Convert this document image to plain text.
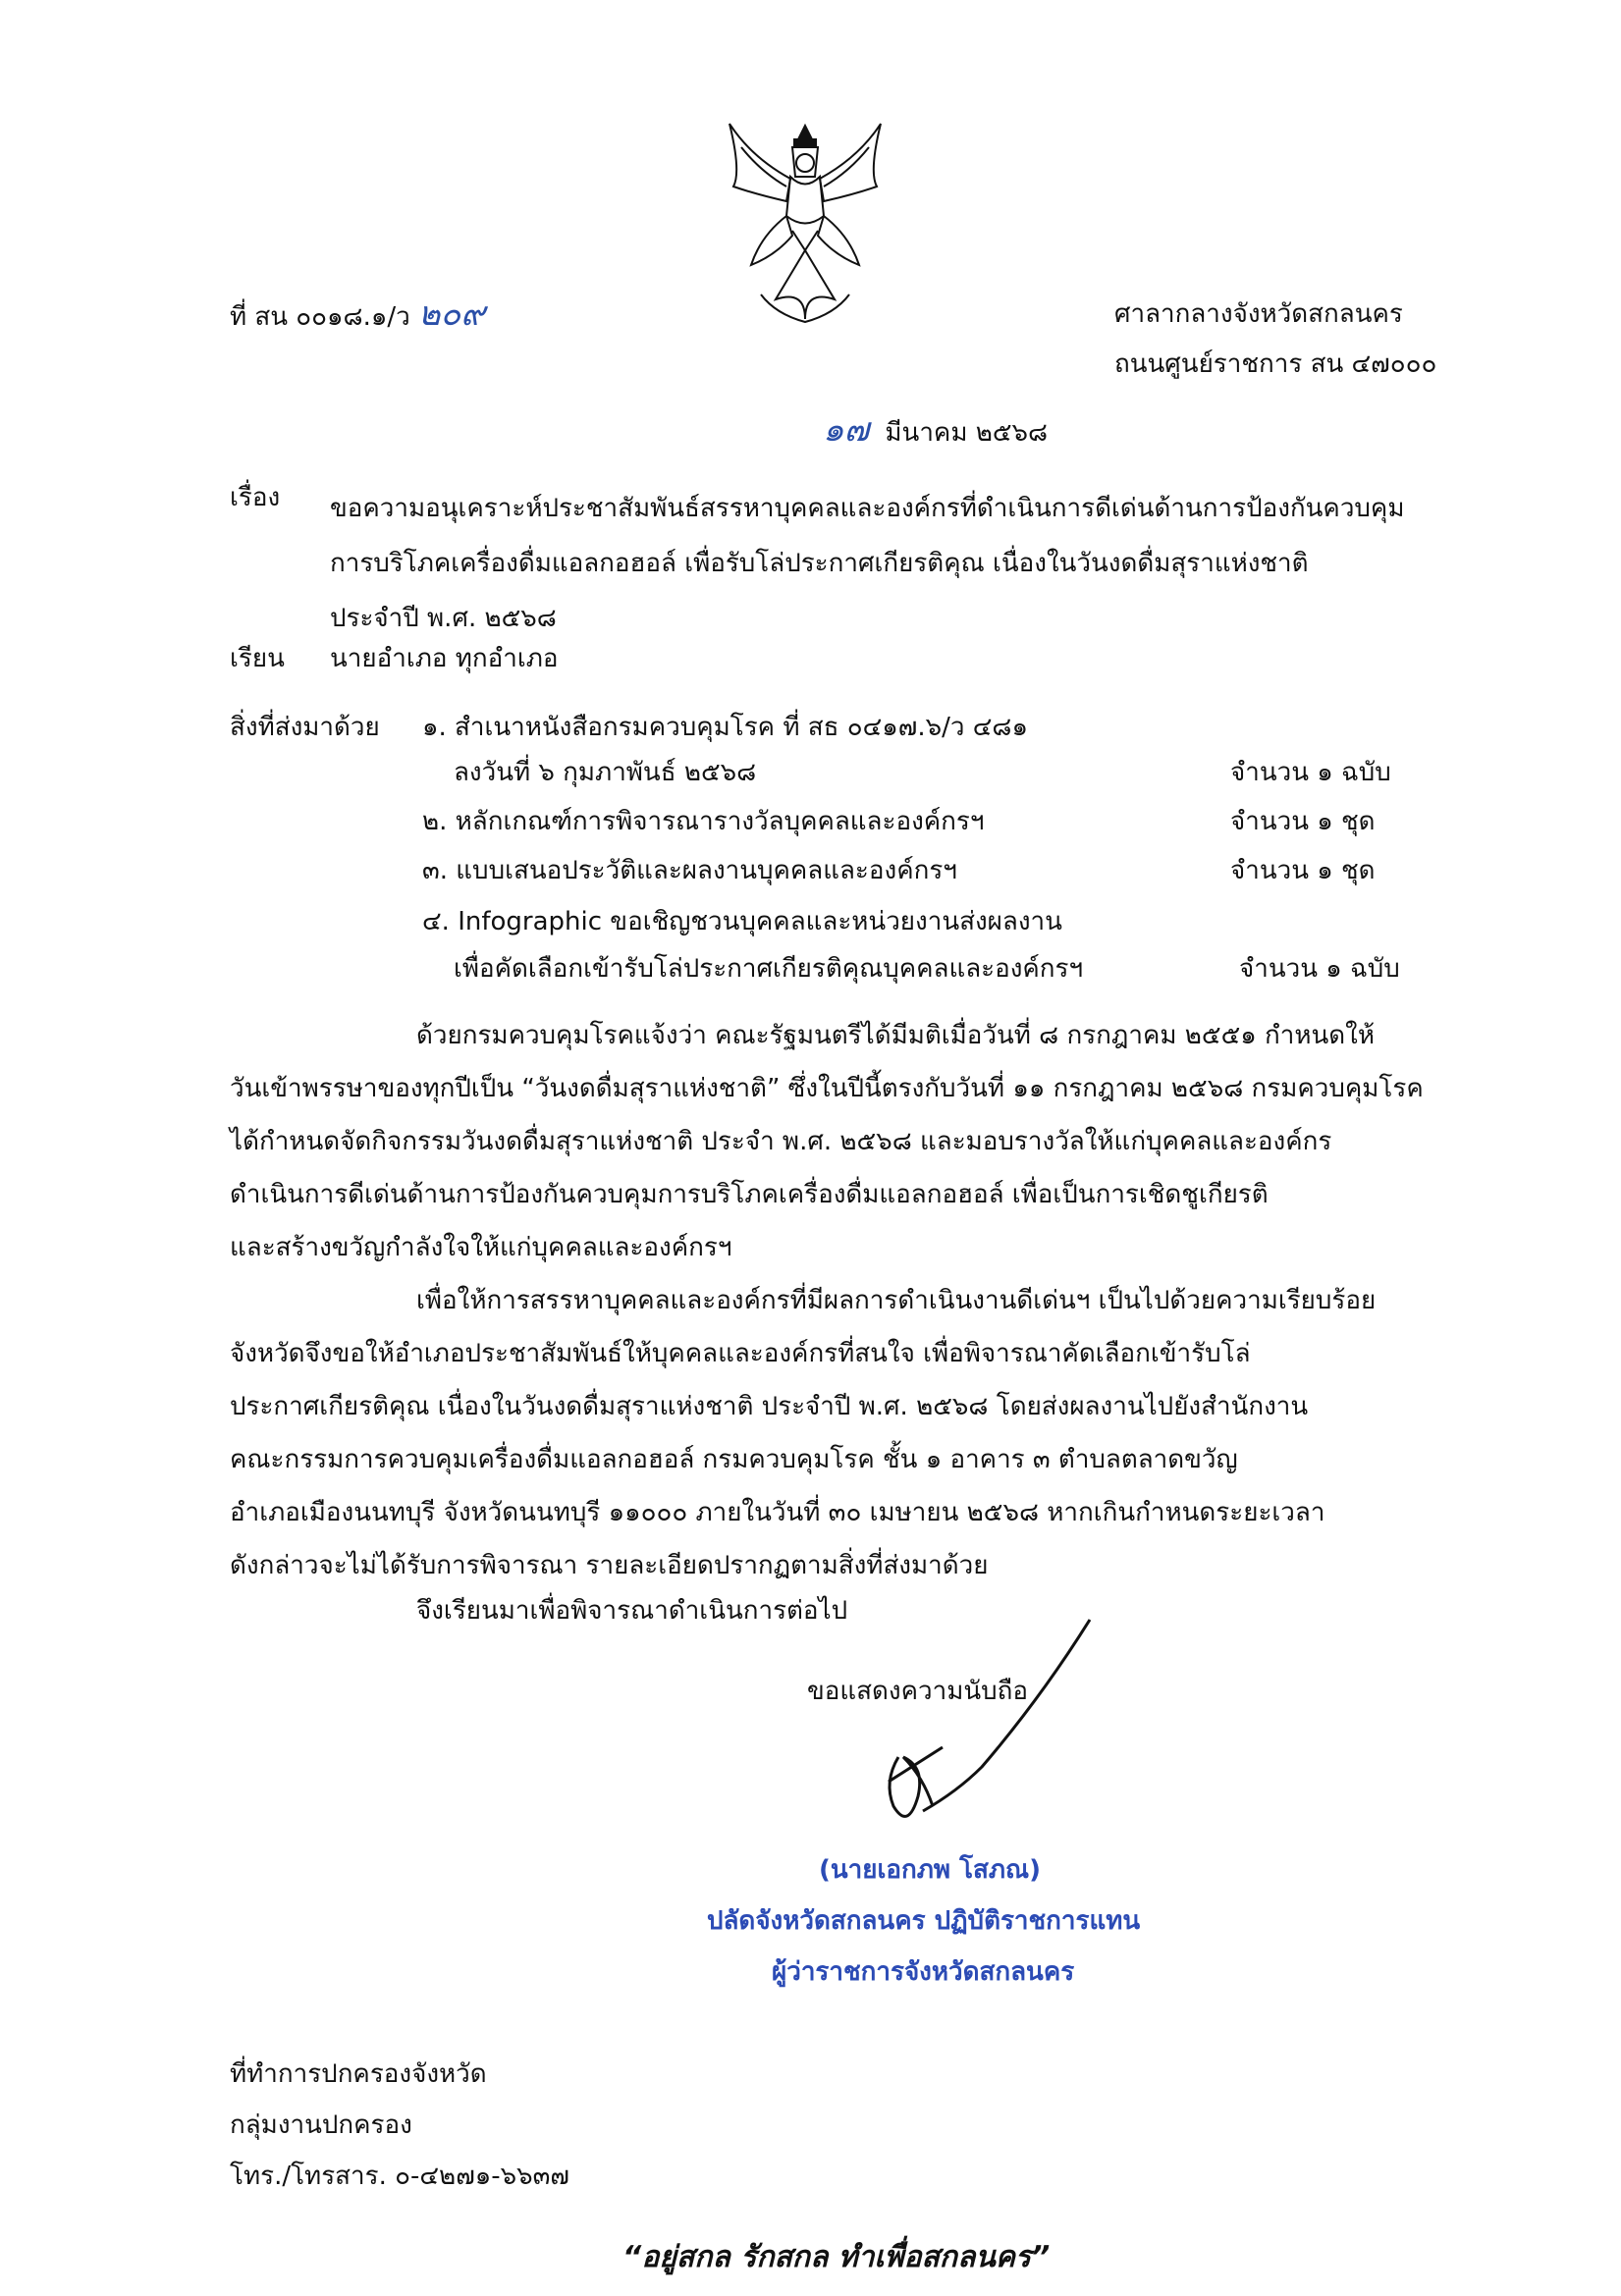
ที่ สน ๐๐๑๘.๑/ว ๒๐๙	ศาลากลางจังหวัดสกลนคร
ถนนศูนย์ราชการ สน ๔๗๐๐๐
๑๗ มีนาคม ๒๕๖๘
เรื่อง ขอความอนุเคราะห์ประชาสัมพันธ์สรรหาบุคคลและองค์กรที่ดำเนินการดีเด่นด้านการป้องกันควบคุม
การบริโภคเครื่องดื่มแอลกอฮอล์ เพื่อรับโล่ประกาศเกียรติคุณ เนื่องในวันงดดื่มสุราแห่งชาติ
ประจำปี พ.ศ. ๒๕๖๘
เรียน นายอำเภอ ทุกอำเภอ
สิ่งที่ส่งมาด้วย ๑. สำเนาหนังสือกรมควบคุมโรค ที่ สธ ๐๔๑๗.๖/ว ๔๘๑
ลงวันที่ ๖ กุมภาพันธ์ ๒๕๖๘	จำนวน ๑ ฉบับ
๒. หลักเกณฑ์การพิจารณารางวัลบุคคลและองค์กรฯ	จำนวน ๑ ชุด
๓. แบบเสนอประวัติและผลงานบุคคลและองค์กรฯ	จำนวน ๑ ชุด
๔. Infographic ขอเชิญชวนบุคคลและหน่วยงานส่งผลงาน
เพื่อคัดเลือกเข้ารับโล่ประกาศเกียรติคุณบุคคลและองค์กรฯ	จำนวน ๑ ฉบับ
ด้วยกรมควบคุมโรคแจ้งว่า คณะรัฐมนตรีได้มีมติเมื่อวันที่ ๘ กรกฎาคม ๒๕๕๑ กำหนดให้
วันเข้าพรรษาของทุกปีเป็น “วันงดดื่มสุราแห่งชาติ” ซึ่งในปีนี้ตรงกับวันที่ ๑๑ กรกฎาคม ๒๕๖๘ กรมควบคุมโรค
ได้กำหนดจัดกิจกรรมวันงดดื่มสุราแห่งชาติ ประจำ พ.ศ. ๒๕๖๘ และมอบรางวัลให้แก่บุคคลและองค์กร
ดำเนินการดีเด่นด้านการป้องกันควบคุมการบริโภคเครื่องดื่มแอลกอฮอล์ เพื่อเป็นการเชิดชูเกียรติ
และสร้างขวัญกำลังใจให้แก่บุคคลและองค์กรฯ
เพื่อให้การสรรหาบุคคลและองค์กรที่มีผลการดำเนินงานดีเด่นฯ เป็นไปด้วยความเรียบร้อย
จังหวัดจึงขอให้อำเภอประชาสัมพันธ์ให้บุคคลและองค์กรที่สนใจ เพื่อพิจารณาคัดเลือกเข้ารับโล่
ประกาศเกียรติคุณ เนื่องในวันงดดื่มสุราแห่งชาติ ประจำปี พ.ศ. ๒๕๖๘ โดยส่งผลงานไปยังสำนักงาน
คณะกรรมการควบคุมเครื่องดื่มแอลกอฮอล์ กรมควบคุมโรค ชั้น ๑ อาคาร ๓ ตำบลตลาดขวัญ
อำเภอเมืองนนทบุรี จังหวัดนนทบุรี ๑๑๐๐๐ ภายในวันที่ ๓๐ เมษายน ๒๕๖๘ หากเกินกำหนดระยะเวลา
ดังกล่าวจะไม่ได้รับการพิจารณา รายละเอียดปรากฏตามสิ่งที่ส่งมาด้วย
จึงเรียนมาเพื่อพิจารณาดำเนินการต่อไป
ขอแสดงความนับถือ
(นายเอกภพ โสภณ)
ปลัดจังหวัดสกลนคร ปฏิบัติราชการแทน
ผู้ว่าราชการจังหวัดสกลนคร
ที่ทำการปกครองจังหวัด
กลุ่มงานปกครอง
โทร./โทรสาร. ๐-๔๒๗๑-๖๖๓๗
“อยู่สกล รักสกล ทำเพื่อสกลนคร”
